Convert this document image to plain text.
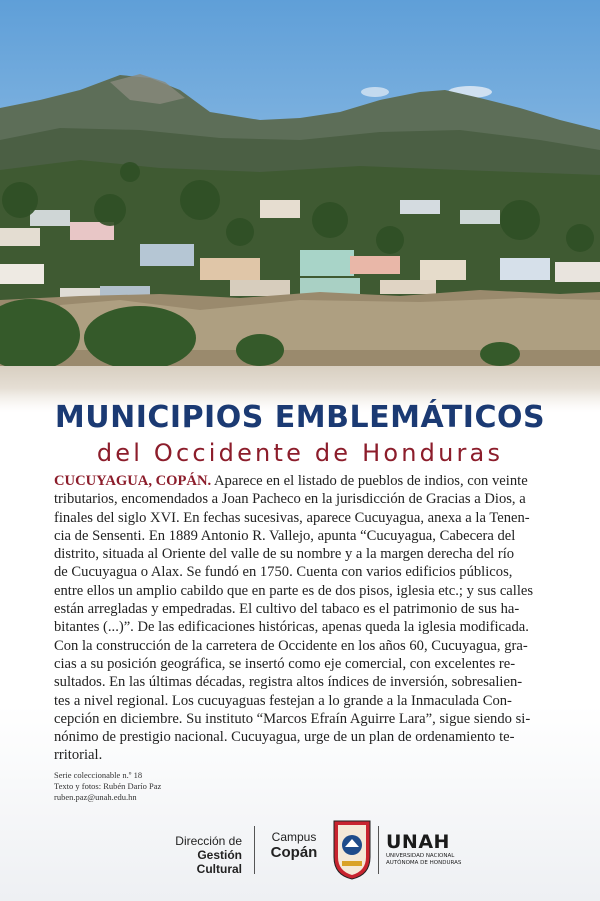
MUNICIPIOS EMBLEMÁTICOS
del Occidente de Honduras
CUCUYAGUA, COPÁN. Aparece en el listado de pueblos de indios, con veinte
tributarios, encomendados a Joan Pacheco en la jurisdicción de Gracias a Dios, a
finales del siglo XVI. En fechas sucesivas, aparece Cucuyagua, anexa a la Tenen-
cia de Sensenti. En 1889 Antonio R. Vallejo, apunta “Cucuyagua, Cabecera del
distrito, situada al Oriente del valle de su nombre y a la margen derecha del río
de Cucuyagua o Alax. Se fundó en 1750. Cuenta con varios edificios públicos,
entre ellos un amplio cabildo que en parte es de dos pisos, iglesia etc.; y sus calles
están arregladas y empedradas. El cultivo del tabaco es el patrimonio de sus ha-
bitantes (...)”. De las edificaciones históricas, apenas queda la iglesia modificada.
Con la construcción de la carretera de Occidente en los años 60, Cucuyagua, gra-
cias a su posición geográfica, se insertó como eje comercial, con excelentes re-
sultados. En las últimas décadas, registra altos índices de inversión, sobresalien-
tes a nivel regional. Los cucuyaguas festejan a lo grande a la Inmaculada Con-
cepción en diciembre. Su instituto “Marcos Efraín Aguirre Lara”, sigue siendo si-
nónimo de prestigio nacional. Cucuyagua, urge de un plan de ordenamiento te-
rritorial.
Serie coleccionable n.º 18
Texto y fotos: Rubén Darío Paz
ruben.paz@unah.edu.hn
Dirección de
Gestión Cultural
Campus
Copán	UNAH
UNIVERSIDAD NACIONAL
AUTÓNOMA DE HONDURAS
